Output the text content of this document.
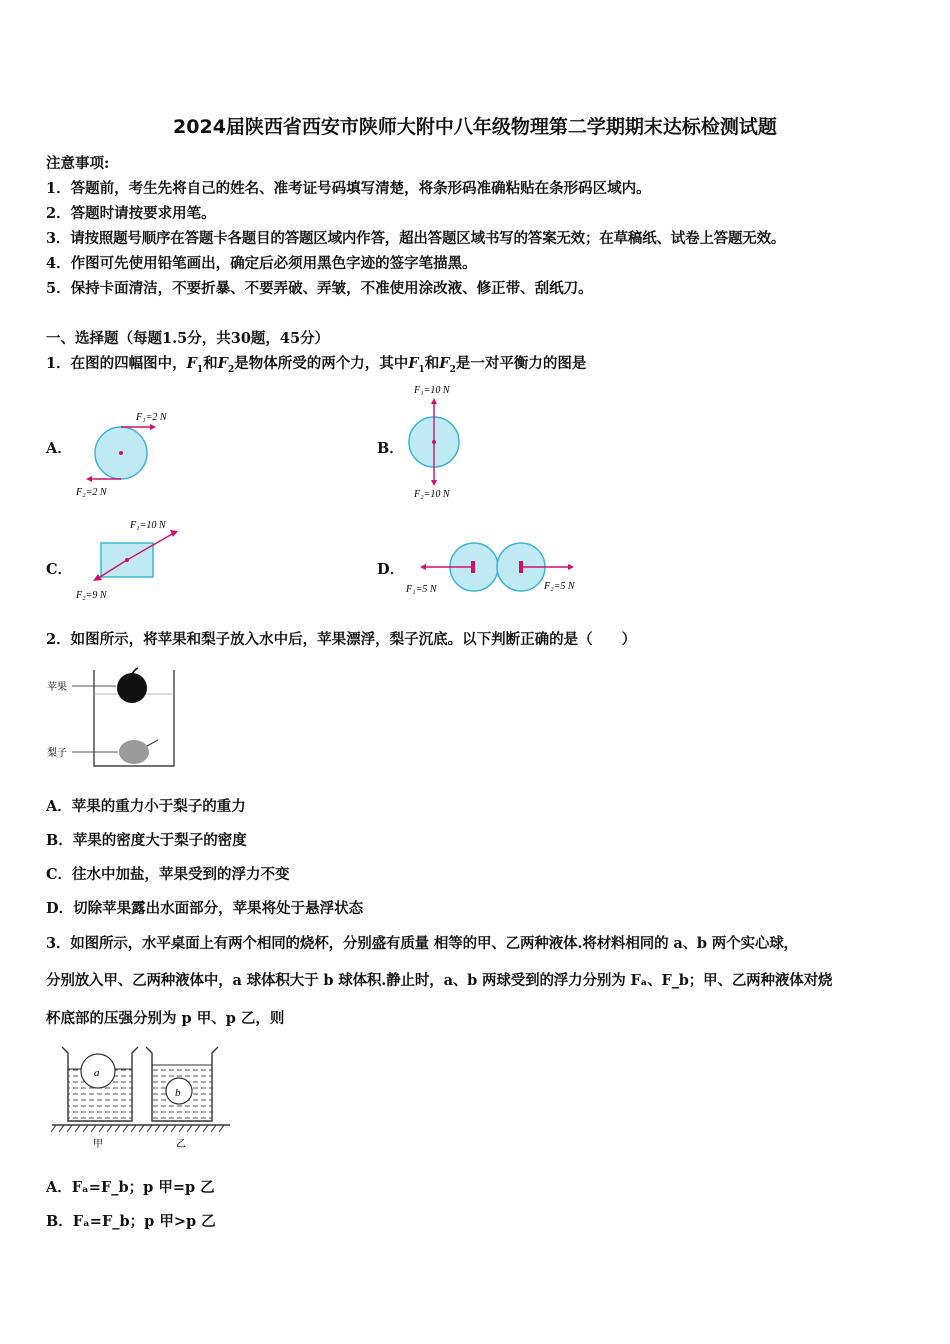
2024届陕西省西安市陕师大附中八年级物理第二学期期末达标检测试题
注意事项:
1．答题前，考生先将自己的姓名、准考证号码填写清楚，将条形码准确粘贴在条形码区域内。
2．答题时请按要求用笔。
3．请按照题号顺序在答题卡各题目的答题区域内作答，超出答题区域书写的答案无效；在草稿纸、试卷上答题无效。
4．作图可先使用铅笔画出，确定后必须用黑色字迹的签字笔描黑。
5．保持卡面清洁，不要折暴、不要弄破、弄皱，不准使用涂改液、修正带、刮纸刀。
一、选择题（每题1.5分，共30题，45分）
1．在图的四幅图中，$F_1$和$F_2$是物体所受的两个力，其中$F_1$和$F_2$是一对平衡力的图是
A．	B．
C．	D．
F₁=2 N
F₂=2 N
F₁=10 N
F₂=10 N
F₁=10 N
F₂=9 N
F₁=5 N	F₂=5 N
2．如图所示，将苹果和梨子放入水中后，苹果漂浮，梨子沉底。以下判断正确的是（　　）
苹果
梨子
A．苹果的重力小于梨子的重力
B．苹果的密度大于梨子的密度
C．往水中加盐，苹果受到的浮力不变
D．切除苹果露出水面部分，苹果将处于悬浮状态
3．如图所示，水平桌面上有两个相同的烧杯，分别盛有质量 相等的甲、乙两种液体.将材料相同的 a、b 两个实心球，
分别放入甲、乙两种液体中，a 球体积大于 b 球体积.静止时，a、b 两球受到的浮力分别为 Fₐ、F_b；甲、乙两种液体对烧
杯底部的压强分别为 p 甲、p 乙，则
a
b
甲	乙
A．Fₐ=F_b；p 甲=p 乙
B．Fₐ=F_b；p 甲>p 乙
